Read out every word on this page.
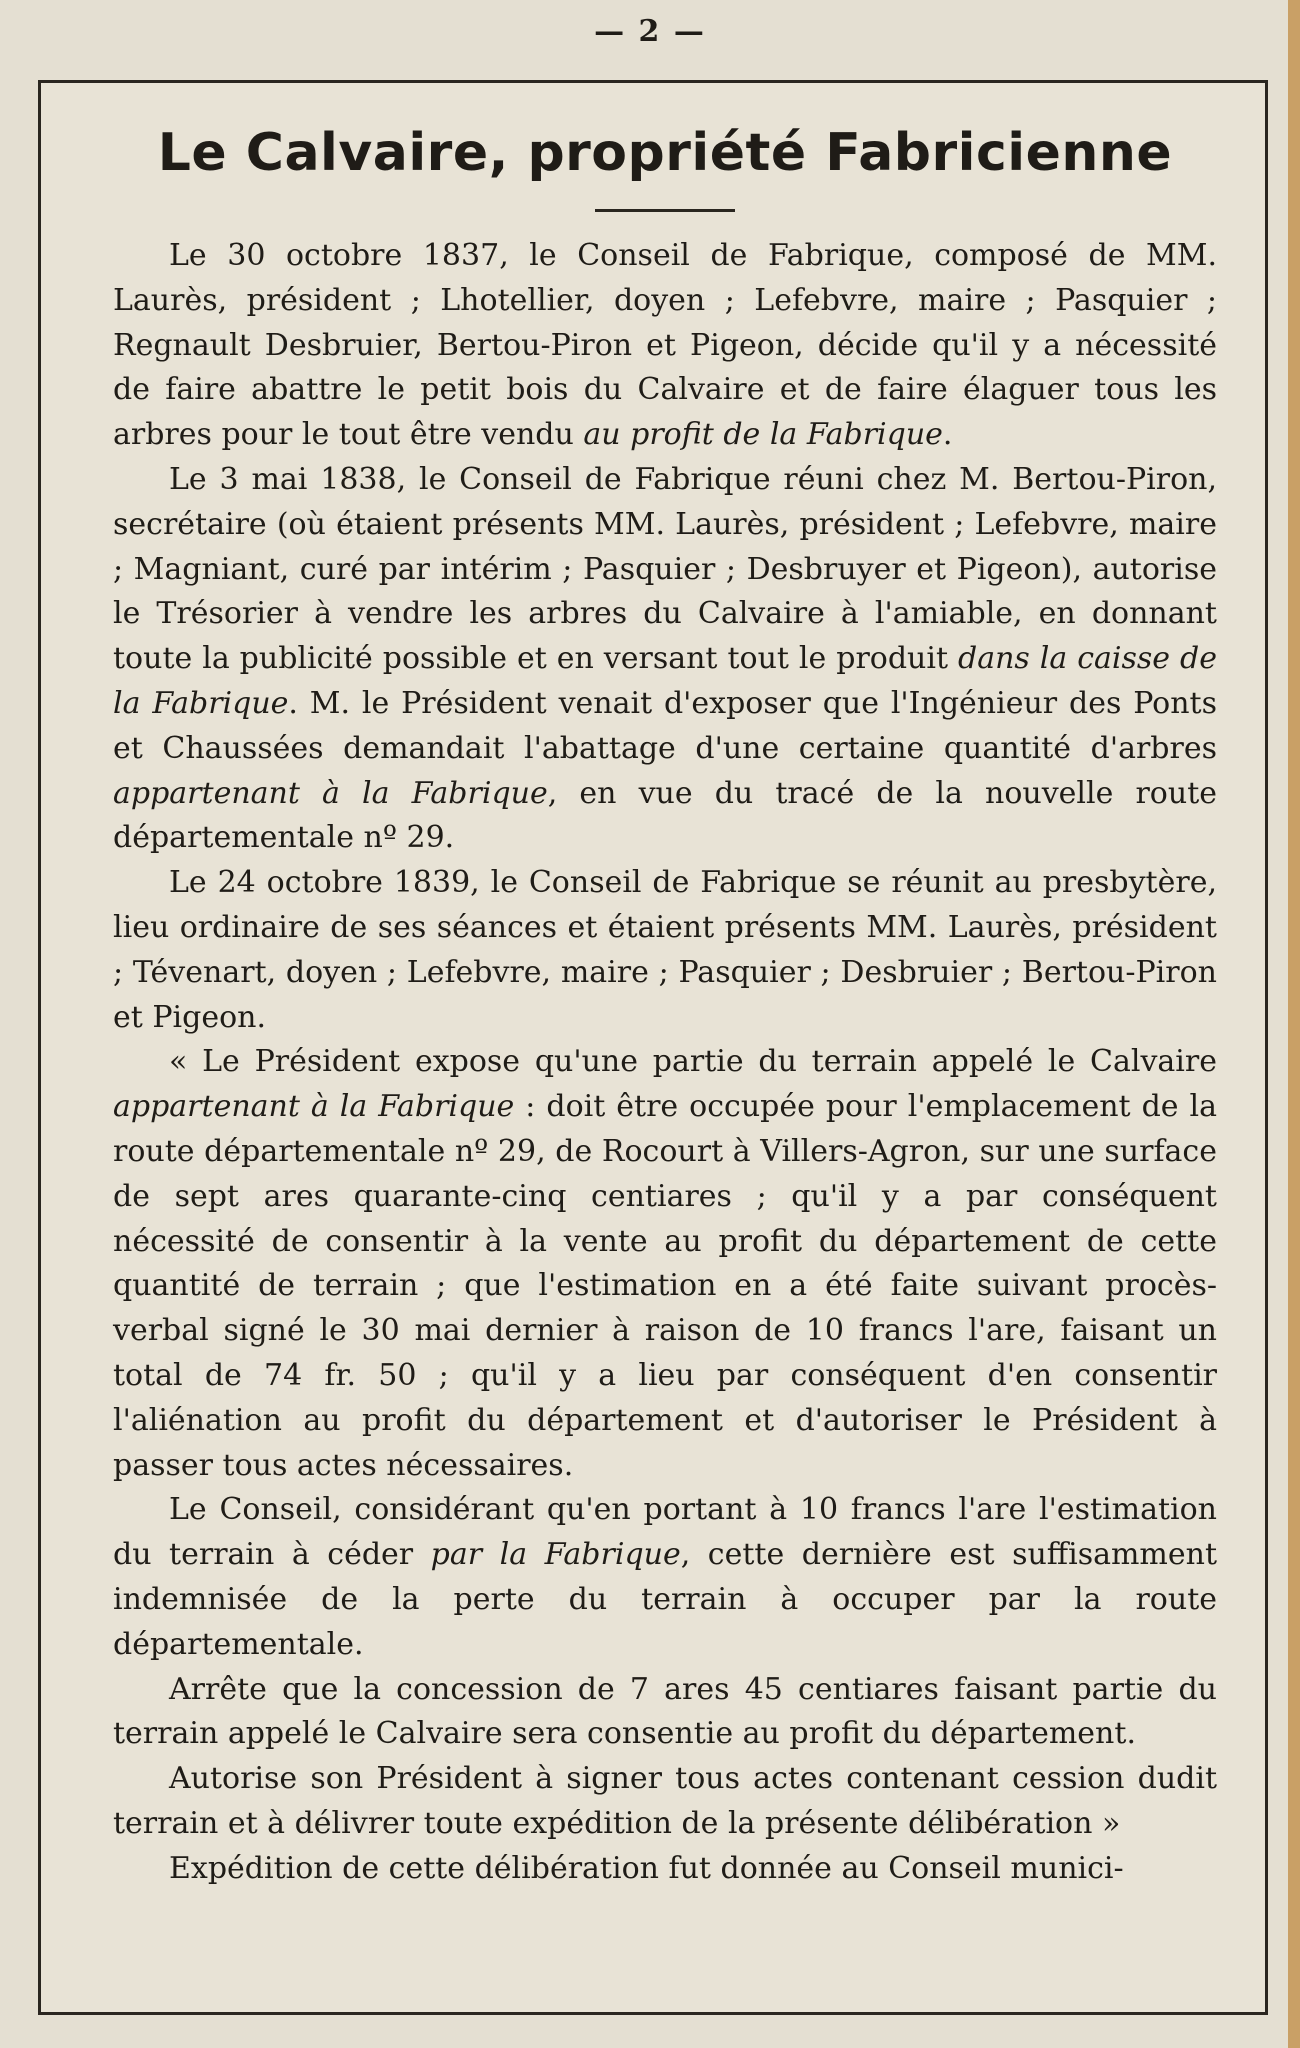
— 2 —
Le Calvaire, propriété Fabricienne

Le 30 octobre 1837, le Conseil de Fabrique, composé de MM. Laurès, président ; Lhotellier, doyen ; Lefebvre, maire ; Pasquier ; Regnault Desbruier, Bertou-Piron et Pigeon, décide qu'il y a nécessité de faire abattre le petit bois du Calvaire et de faire élaguer tous les arbres pour le tout être vendu au profit de la Fabrique.

Le 3 mai 1838, le Conseil de Fabrique réuni chez M. Bertou-Piron, secrétaire (où étaient présents MM. Laurès, président ; Lefebvre, maire ; Magniant, curé par intérim ; Pasquier ; Desbruyer et Pigeon), autorise le Trésorier à vendre les arbres du Calvaire à l'amiable, en donnant toute la publicité possible et en versant tout le produit dans la caisse de la Fabrique. M. le Président venait d'exposer que l'Ingénieur des Ponts et Chaussées demandait l'abattage d'une certaine quantité d'arbres appartenant à la Fabrique, en vue du tracé de la nouvelle route départementale nº 29.

Le 24 octobre 1839, le Conseil de Fabrique se réunit au presbytère, lieu ordinaire de ses séances et étaient présents MM. Laurès, président ; Tévenart, doyen ; Lefebvre, maire ; Pasquier ; Desbruier ; Bertou-Piron et Pigeon.

« Le Président expose qu'une partie du terrain appelé le Calvaire appartenant à la Fabrique : doit être occupée pour l'emplacement de la route départementale nº 29, de Rocourt à Villers-Agron, sur une surface de sept ares quarante-cinq centiares ; qu'il y a par conséquent nécessité de consentir à la vente au profit du département de cette quantité de terrain ; que l'estimation en a été faite suivant procès-verbal signé le 30 mai dernier à raison de 10 francs l'are, faisant un total de 74 fr. 50 ; qu'il y a lieu par conséquent d'en consentir l'aliénation au profit du département et d'autoriser le Président à passer tous actes nécessaires.

Le Conseil, considérant qu'en portant à 10 francs l'are l'estimation du terrain à céder par la Fabrique, cette dernière est suffisamment indemnisée de la perte du terrain à occuper par la route départementale.

Arrête que la concession de 7 ares 45 centiares faisant partie du terrain appelé le Calvaire sera consentie au profit du département.

Autorise son Président à signer tous actes contenant cession dudit terrain et à délivrer toute expédition de la présente délibération »

Expédition de cette délibération fut donnée au Conseil munici-
